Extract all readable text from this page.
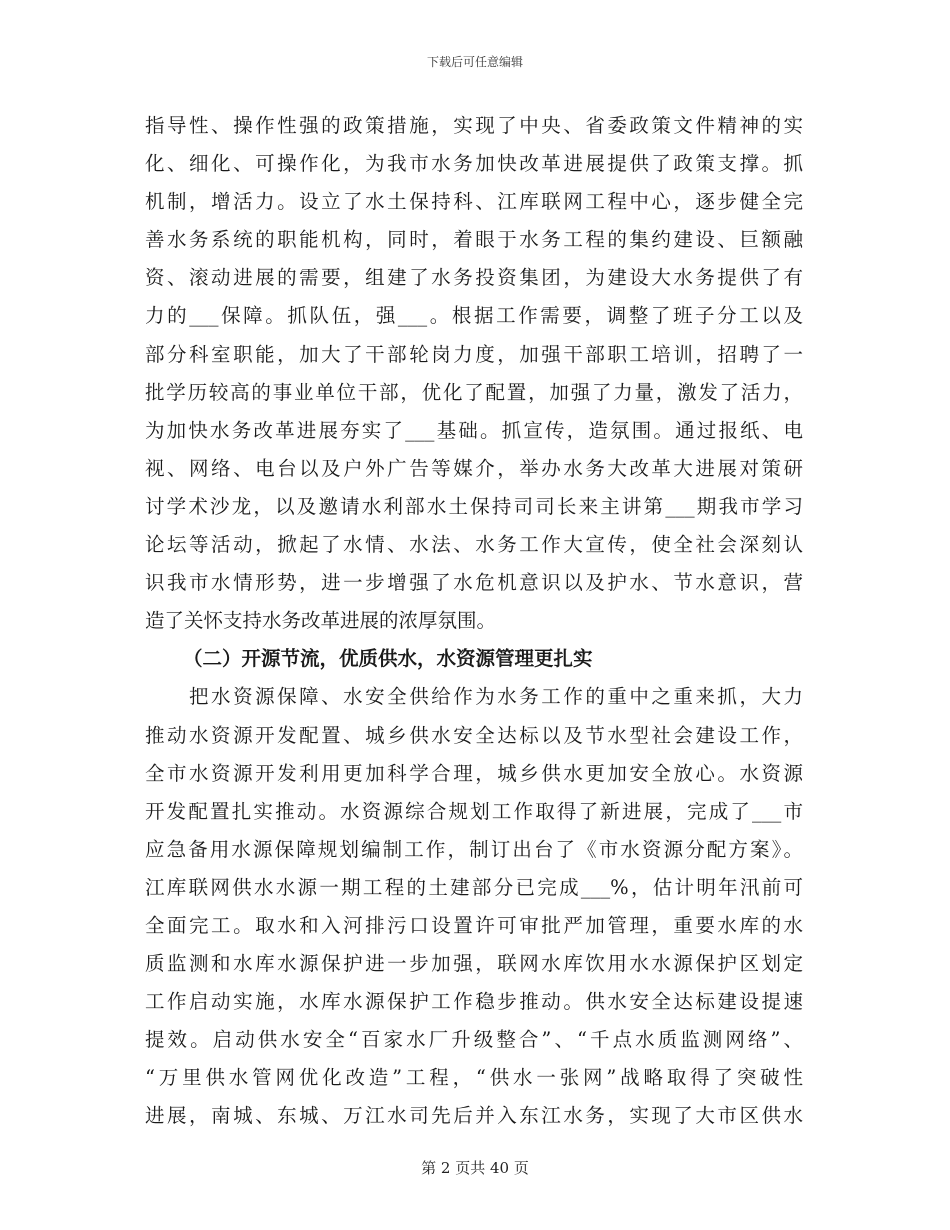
下载后可任意编辑
指导性、操作性强的政策措施，实现了中央、省委政策文件精神的实
化、细化、可操作化，为我市水务加快改革进展提供了政策支撑。抓
机制，增活力。设立了水土保持科、江库联网工程中心，逐步健全完
善水务系统的职能机构，同时，着眼于水务工程的集约建设、巨额融
资、滚动进展的需要，组建了水务投资集团，为建设大水务提供了有
力的___保障。抓队伍，强___。根据工作需要，调整了班子分工以及
部分科室职能，加大了干部轮岗力度，加强干部职工培训，招聘了一
批学历较高的事业单位干部，优化了配置，加强了力量，激发了活力，
为加快水务改革进展夯实了___基础。抓宣传，造氛围。通过报纸、电
视、网络、电台以及户外广告等媒介，举办水务大改革大进展对策研
讨学术沙龙，以及邀请水利部水土保持司司长来主讲第___期我市学习
论坛等活动，掀起了水情、水法、水务工作大宣传，使全社会深刻认
识我市水情形势，进一步增强了水危机意识以及护水、节水意识，营
造了关怀支持水务改革进展的浓厚氛围。
（二）开源节流，优质供水，水资源管理更扎实
　　把水资源保障、水安全供给作为水务工作的重中之重来抓，大力
推动水资源开发配置、城乡供水安全达标以及节水型社会建设工作，
全市水资源开发利用更加科学合理，城乡供水更加安全放心。水资源
开发配置扎实推动。水资源综合规划工作取得了新进展，完成了___市
应急备用水源保障规划编制工作，制订出台了《市水资源分配方案》。
江库联网供水水源一期工程的土建部分已完成___%，估计明年汛前可
全面完工。取水和入河排污口设置许可审批严加管理，重要水库的水
质监测和水库水源保护进一步加强，联网水库饮用水水源保护区划定
工作启动实施，水库水源保护工作稳步推动。供水安全达标建设提速
提效。启动供水安全“百家水厂升级整合”、“千点水质监测网络”、
“万里供水管网优化改造”工程，“供水一张网”战略取得了突破性
进展，南城、东城、万江水司先后并入东江水务，实现了大市区供水
第 2 页共 40 页
